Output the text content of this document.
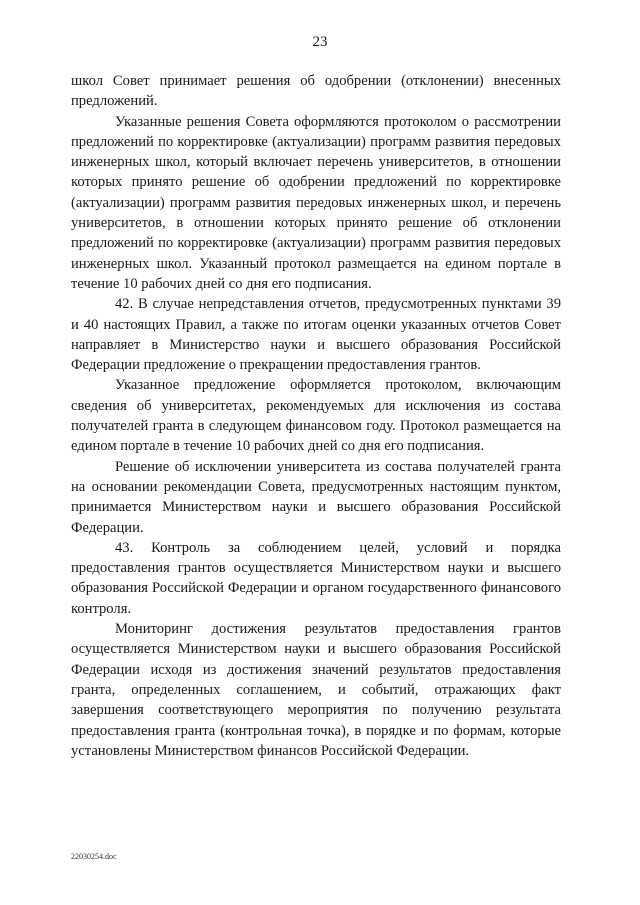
23

школ Совет принимает решения об одобрении (отклонении) внесенных предложений.

Указанные решения Совета оформляются протоколом о рассмотрении предложений по корректировке (актуализации) программ развития передовых инженерных школ, который включает перечень университетов, в отношении которых принято решение об одобрении предложений по корректировке (актуализации) программ развития передовых инженерных школ, и перечень университетов, в отношении которых принято решение об отклонении предложений по корректировке (актуализации) программ развития передовых инженерных школ. Указанный протокол размещается на едином портале в течение 10 рабочих дней со дня его подписания.

42. В случае непредставления отчетов, предусмотренных пунктами 39 и 40 настоящих Правил, а также по итогам оценки указанных отчетов Совет направляет в Министерство науки и высшего образования Российской Федерации предложение о прекращении предоставления грантов.

Указанное предложение оформляется протоколом, включающим сведения об университетах, рекомендуемых для исключения из состава получателей гранта в следующем финансовом году. Протокол размещается на едином портале в течение 10 рабочих дней со дня его подписания.

Решение об исключении университета из состава получателей гранта на основании рекомендации Совета, предусмотренных настоящим пунктом, принимается Министерством науки и высшего образования Российской Федерации.

43. Контроль за соблюдением целей, условий и порядка предоставления грантов осуществляется Министерством науки и высшего образования Российской Федерации и органом государственного финансового контроля.

Мониторинг достижения результатов предоставления грантов осуществляется Министерством науки и высшего образования Российской Федерации исходя из достижения значений результатов предоставления гранта, определенных соглашением, и событий, отражающих факт завершения соответствующего мероприятия по получению результата предоставления гранта (контрольная точка), в порядке и по формам, которые установлены Министерством финансов Российской Федерации.

22030254.doc
